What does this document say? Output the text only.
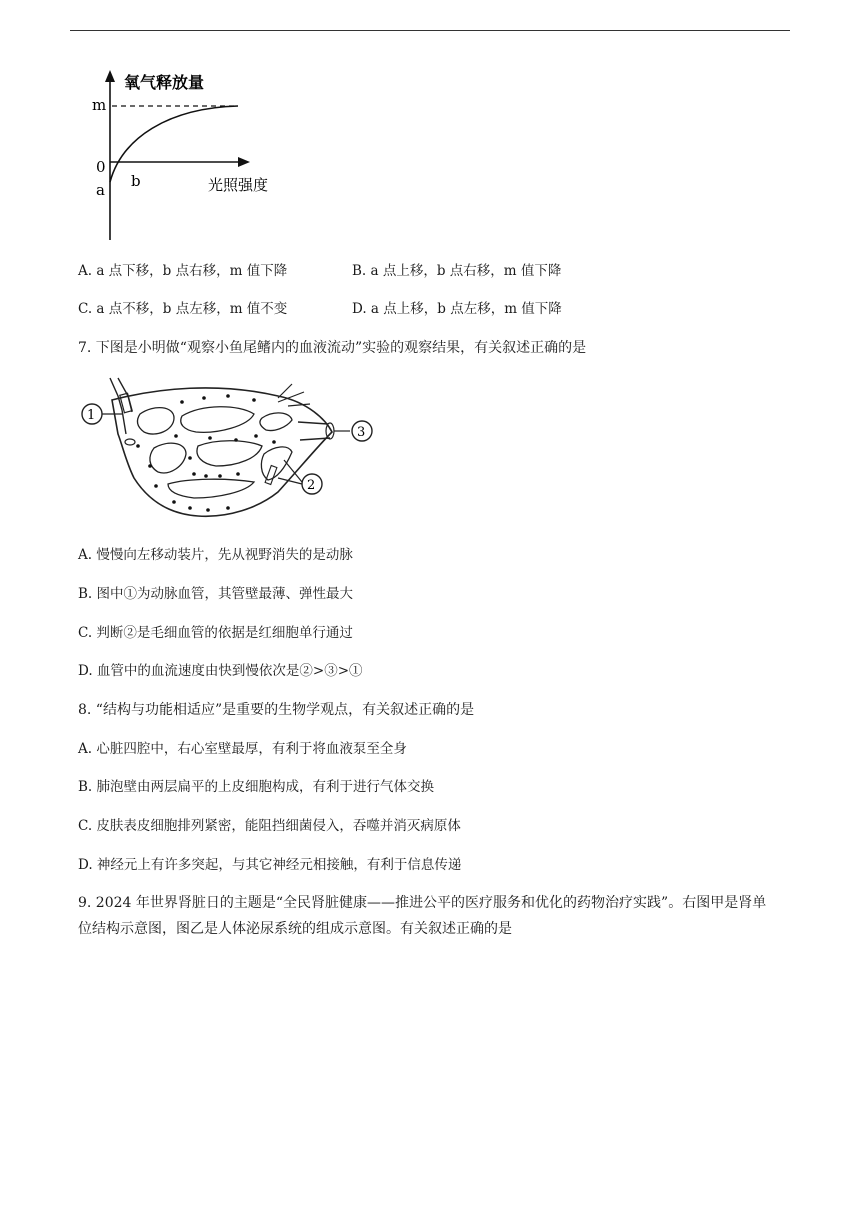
氧气释放量
m
0
a b	光照强度
A. a 点下移，b 点右移，m 值下降	B. a 点上移，b 点右移，m 值下降
C. a 点不移，b 点左移，m 值不变	D. a 点上移，b 点左移，m 值下降
7. 下图是小明做“观察小鱼尾鳍内的血液流动”实验的观察结果，有关叙述正确的是
1
3
2
A. 慢慢向左移动装片，先从视野消失的是动脉
B. 图中①为动脉血管，其管壁最薄、弹性最大
C. 判断②是毛细血管的依据是红细胞单行通过
D. 血管中的血流速度由快到慢依次是②>③>①
8. “结构与功能相适应”是重要的生物学观点，有关叙述正确的是
A. 心脏四腔中，右心室壁最厚，有利于将血液泵至全身
B. 肺泡壁由两层扁平的上皮细胞构成，有利于进行气体交换
C. 皮肤表皮细胞排列紧密，能阻挡细菌侵入，吞噬并消灭病原体
D. 神经元上有许多突起，与其它神经元相接触，有利于信息传递
9. 2024 年世界肾脏日的主题是“全民肾脏健康——推进公平的医疗服务和优化的药物治疗实践”。右图甲是肾单位结构示意图，图乙是人体泌尿系统的组成示意图。有关叙述正确的是
